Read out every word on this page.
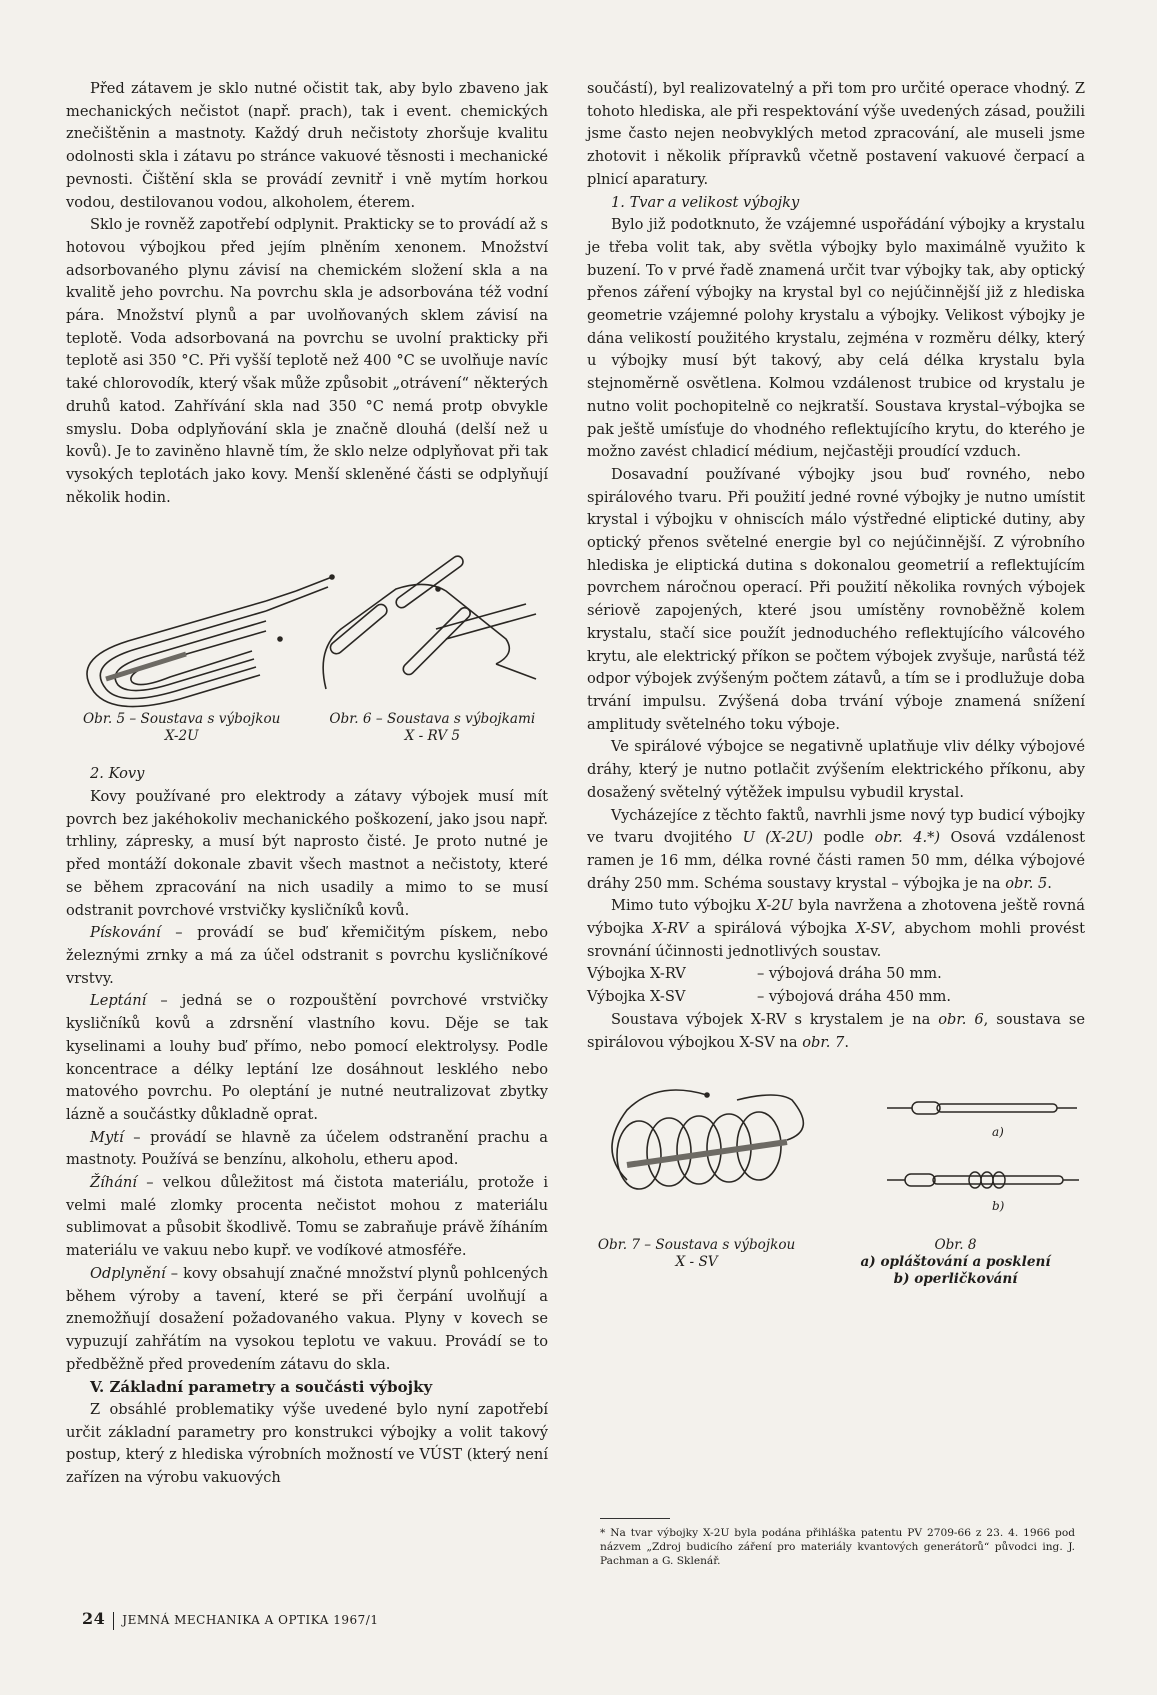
Před zátavem je sklo nutné očistit tak, aby bylo zbaveno jak mechanických nečistot (např. prach), tak i event. chemických znečištěnin a mastnoty. Každý druh nečistoty zhoršuje kvalitu odolnosti skla i zátavu po stránce vakuové těsnosti i mechanické pevnosti. Čištění skla se provádí zevnitř i vně mytím horkou vodou, destilovanou vodou, alkoholem, éterem.

Sklo je rovněž zapotřebí odplynit. Prakticky se to provádí až s hotovou výbojkou před jejím plněním xenonem. Množství adsorbovaného plynu závisí na chemickém složení skla a na kvalitě jeho povrchu. Na povrchu skla je adsorbována též vodní pára. Množství plynů a par uvolňovaných sklem závisí na teplotě. Voda adsorbovaná na povrchu se uvolní prakticky při teplotě asi 350 °C. Při vyšší teplotě než 400 °C se uvolňuje navíc také chlorovodík, který však může způsobit „otrávení“ některých druhů katod. Zahřívání skla nad 350 °C nemá protp obvykle smyslu. Doba odplyňování skla je značně dlouhá (delší než u kovů). Je to zaviněno hlavně tím, že sklo nelze odplyňovat při tak vysokých teplotách jako kovy. Menší skleněné části se odplyňují několik hodin.

Obr. 5 – Soustava s výbojkou
X-2U
Obr. 6 – Soustava s výbojkami
X - RV 5

2. Kovy

Kovy používané pro elektrody a zátavy výbojek musí mít povrch bez jakéhokoliv mechanického poškození, jako jsou např. trhliny, zápresky, a musí být naprosto čisté. Je proto nutné je před montáží dokonale zbavit všech mastnot a nečistoty, které se během zpracování na nich usadily a mimo to se musí odstranit povrchové vrstvičky kysličníků kovů.

Pískování – provádí se buď křemičitým pískem, nebo železnými zrnky a má za účel odstranit s povrchu kysličníkové vrstvy.

Leptání – jedná se o rozpouštění povrchové vrstvičky kysličníků kovů a zdrsnění vlastního kovu. Děje se tak kyselinami a louhy buď přímo, nebo pomocí elektrolysy. Podle koncentrace a délky leptání lze dosáhnout lesklého nebo matového povrchu. Po oleptání je nutné neutralizovat zbytky lázně a součástky důkladně oprat.

Mytí – provádí se hlavně za účelem odstranění prachu a mastnoty. Používá se benzínu, alkoholu, etheru apod.

Žíhání – velkou důležitost má čistota materiálu, protože i velmi malé zlomky procenta nečistot mohou z materiálu sublimovat a působit škodlivě. Tomu se zabraňuje právě žíháním materiálu ve vakuu nebo kupř. ve vodíkové atmosféře.

Odplynění – kovy obsahují značné množství plynů pohlcených během výroby a tavení, které se při čerpání uvolňují a znemožňují dosažení požadovaného vakua. Plyny v kovech se vypuzují zahřátím na vysokou teplotu ve vakuu. Provádí se to předběžně před provedením zátavu do skla.

V. Základní parametry a součásti výbojky

Z obsáhlé problematiky výše uvedené bylo nyní zapotřebí určit základní parametry pro konstrukci výbojky a volit takový postup, který z hlediska výrobních možností ve VÚST (který není zařízen na výrobu vakuových

součástí), byl realizovatelný a při tom pro určité operace vhodný. Z tohoto hlediska, ale při respektování výše uvedených zásad, použili jsme často nejen neobvyklých metod zpracování, ale museli jsme zhotovit i několik přípravků včetně postavení vakuové čerpací a plnicí aparatury.

1. Tvar a velikost výbojky

Bylo již podotknuto, že vzájemné uspořádání výbojky a krystalu je třeba volit tak, aby světla výbojky bylo maximálně využito k buzení. To v prvé řadě znamená určit tvar výbojky tak, aby optický přenos záření výbojky na krystal byl co nejúčinnější již z hlediska geometrie vzájemné polohy krystalu a výbojky. Velikost výbojky je dána velikostí použitého krystalu, zejména v rozměru délky, který u výbojky musí být takový, aby celá délka krystalu byla stejnoměrně osvětlena. Kolmou vzdálenost trubice od krystalu je nutno volit pochopitelně co nejkratší. Soustava krystal–výbojka se pak ještě umísťuje do vhodného reflektujícího krytu, do kterého je možno zavést chladicí médium, nejčastěji proudící vzduch.

Dosavadní používané výbojky jsou buď rovného, nebo spirálového tvaru. Při použití jedné rovné výbojky je nutno umístit krystal i výbojku v ohniscích málo výstředné eliptické dutiny, aby optický přenos světelné energie byl co nejúčinnější. Z výrobního hlediska je eliptická dutina s dokonalou geometrií a reflektujícím povrchem náročnou operací. Při použití několika rovných výbojek sériově zapojených, které jsou umístěny rovnoběžně kolem krystalu, stačí sice použít jednoduchého reflektujícího válcového krytu, ale elektrický příkon se počtem výbojek zvyšuje, narůstá též odpor výbojek zvýšeným počtem zátavů, a tím se i prodlužuje doba trvání impulsu. Zvýšená doba trvání výboje znamená snížení amplitudy světelného toku výboje.

Ve spirálové výbojce se negativně uplatňuje vliv délky výbojové dráhy, který je nutno potlačit zvýšením elektrického příkonu, aby dosažený světelný výtěžek impulsu vybudil krystal.

Vycházejíce z těchto faktů, navrhli jsme nový typ budicí výbojky ve tvaru dvojitého U (X-2U) podle obr. 4.*) Osová vzdálenost ramen je 16 mm, délka rovné části ramen 50 mm, délka výbojové dráhy 250 mm. Schéma soustavy krystal – výbojka je na obr. 5.

Mimo tuto výbojku X-2U byla navržena a zhotovena ještě rovná výbojka X-RV a spirálová výbojka X-SV, abychom mohli provést srovnání účinnosti jednotlivých soustav.

Výbojka X-RV	– výbojová dráha 50 mm.
Výbojka X-SV	– výbojová dráha 450 mm.

Soustava výbojek X-RV s krystalem je na obr. 6, soustava se spirálovou výbojkou X-SV na obr. 7.

a)
b)
Obr. 7 – Soustava s výbojkou
X - SV
Obr. 8
a) opláštování a posklení
b) operličkování
* Na tvar výbojky X-2U byla podána přihláška patentu PV 2709-66 z 23. 4. 1966 pod názvem „Zdroj budicího záření pro materiály kvantových generátorů“ původci ing. J. Pachman a G. Sklenář.
24 JEMNÁ MECHANIKA A OPTIKA 1967/1
